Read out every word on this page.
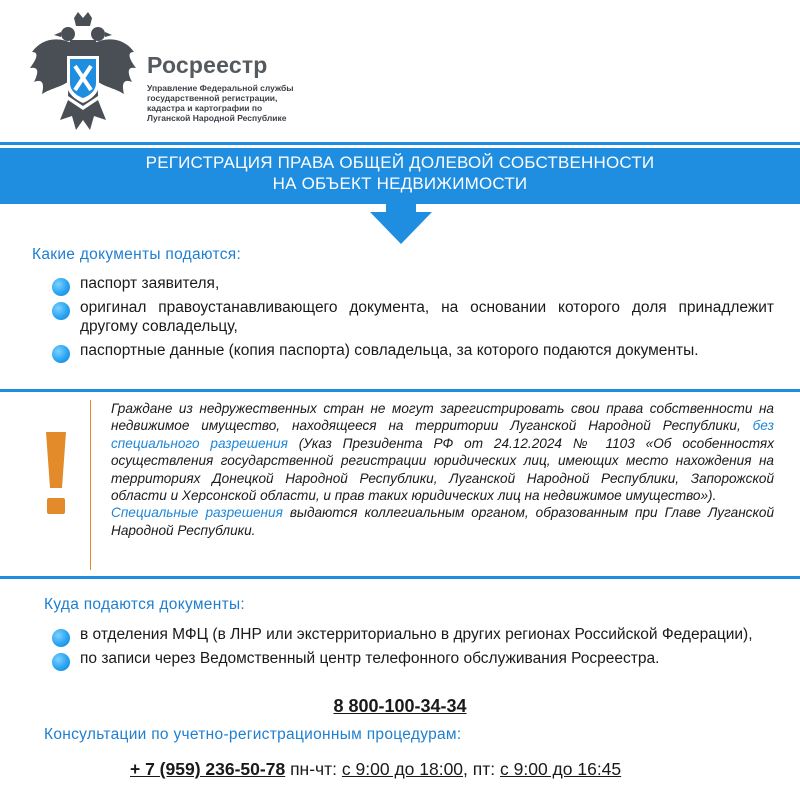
Росреестр
Управление Федеральной службы государственной регистрации, кадастра и картографии по Луганской Народной Республике
РЕГИСТРАЦИЯ ПРАВА ОБЩЕЙ ДОЛЕВОЙ СОБСТВЕННОСТИ
НА ОБЪЕКТ НЕДВИЖИМОСТИ
Какие документы подаются:
паспорт заявителя,
оригинал правоустанавливающего документа, на основании которого доля принадлежит другому совладельцу,
паспортные данные (копия паспорта) совладельца, за которого подаются документы.

Граждане из недружественных стран не могут зарегистрировать свои права собственности на недвижимое имущество, находящееся на территории Луганской Народной Республики, без специального разрешения (Указ Президента РФ от 24.12.2024 № 1103 «Об особенностях осуществления государственной регистрации юридических лиц, имеющих место нахождения на территориях Донецкой Народной Республики, Луганской Народной Республики, Запорожской области и Херсонской области, и прав таких юридических лиц на недвижимое имущество»).

Специальные разрешения выдаются коллегиальным органом, образованным при Главе Луганской Народной Республики.

Куда подаются документы:
в отделения МФЦ (в ЛНР или экстерриториально в других регионах Российской Федерации),
по записи через Ведомственный центр телефонного обслуживания Росреестра.
8 800-100-34-34
Консультации по учетно-регистрационным процедурам:
+ 7 (959) 236-50-78 пн-чт: с 9:00 до 18:00, пт: с 9:00 до 16:45
